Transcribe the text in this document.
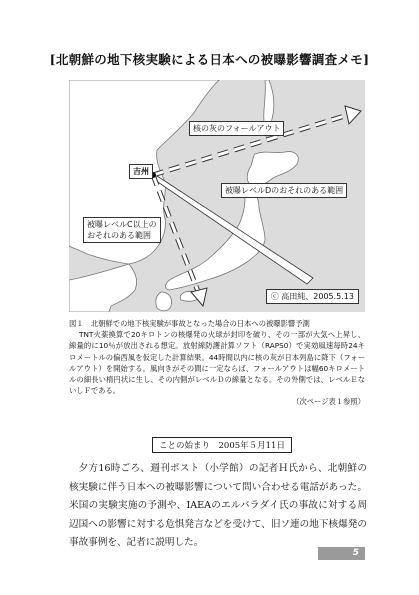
[北朝鮮の地下核実験による日本への被曝影響調査メモ]
核の灰のフォールアウト
吉州
被曝レベルDのおそれのある範囲
被曝レベルC以上の
おそれのある範囲
ⓒ 高田純、2005.5.13
図１　北朝鮮での地下核実験が事故となった場合の日本への被曝影響予測
TNT火薬換算で20キロトンの核爆発の火球が封印を破り、その一部が大気へ上昇し、線量的に10％が放出される想定。放射線防護計算ソフト（RAPS0）で実効風速毎時24キロメートルの偏西風を仮定した計算結果。44時間以内に核の灰が日本列島に降下（フォールアウト）を開始する。風向きがその間に一定ならば、フォールアウトは幅60キロメートルの細長い楕円状に生し、その内側がレベルＤの線量となる。その外側では、レベルＥないしＦである。
（次ページ表１参照）
ことの始まり　2005年５月11日
夕方16時ごろ、週刊ポスト（小学館）の記者Ｈ氏から、北朝鮮の核実験に伴う日本への被曝影響について問い合わせる電話があった。米国の実験実施の予測や、IAEAのエルバラダイ氏の事故に対する周辺国への影響に対する危惧発言などを受けて、旧ソ連の地下核爆発の事故事例を、記者に説明した。
5
